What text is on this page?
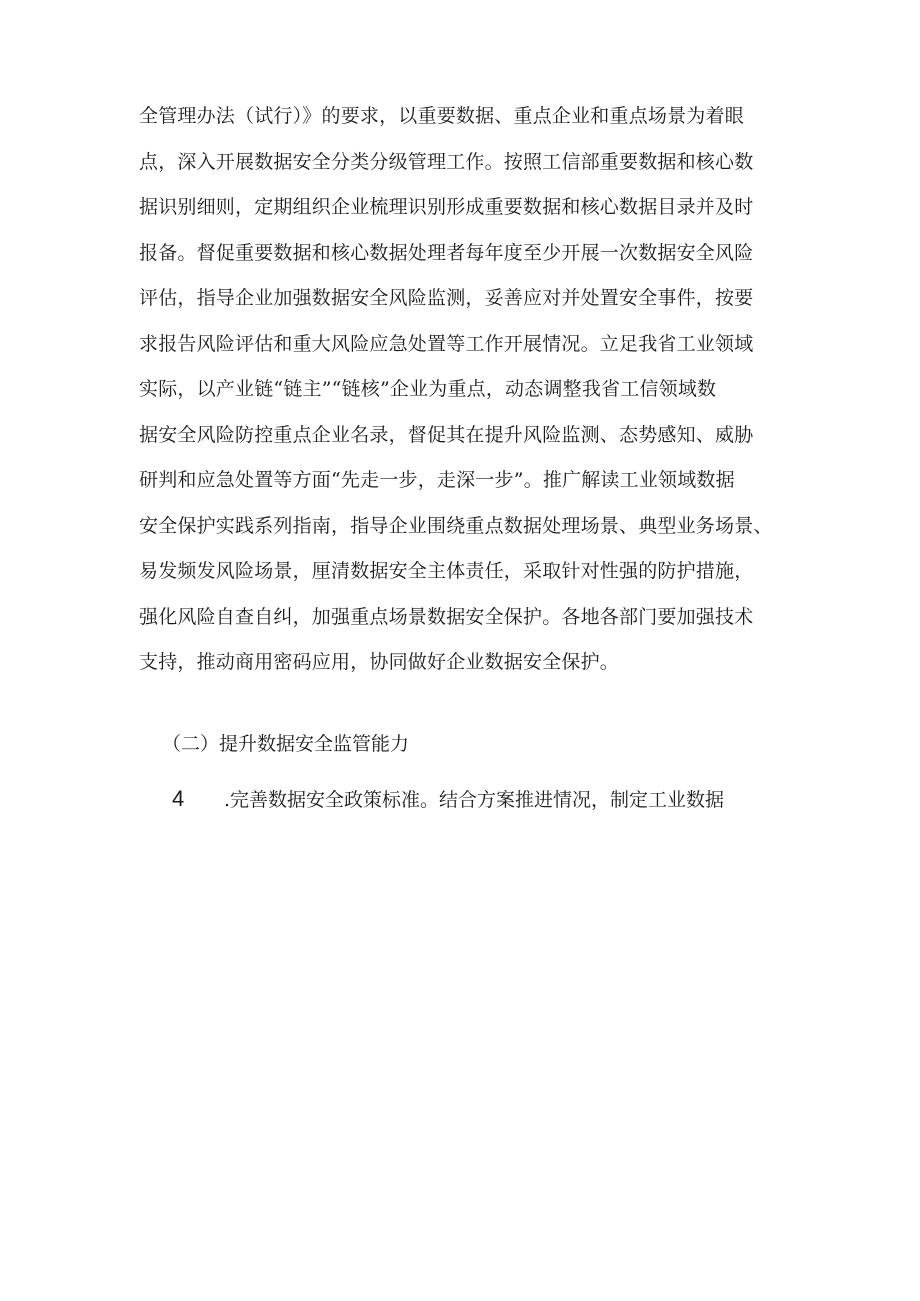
全管理办法（试行）》的要求，以重要数据、重点企业和重点场景为着眼
点，深入开展数据安全分类分级管理工作。按照工信部重要数据和核心数
据识别细则，定期组织企业梳理识别形成重要数据和核心数据目录并及时
报备。督促重要数据和核心数据处理者每年度至少开展一次数据安全风险
评估，指导企业加强数据安全风险监测，妥善应对并处置安全事件，按要
求报告风险评估和重大风险应急处置等工作开展情况。立足我省工业领域
实际，以产业链“链主”“链核”企业为重点，动态调整我省工信领域数
据安全风险防控重点企业名录，督促其在提升风险监测、态势感知、威胁
研判和应急处置等方面“先走一步，走深一步”。推广解读工业领域数据
安全保护实践系列指南，指导企业围绕重点数据处理场景、典型业务场景、
易发频发风险场景，厘清数据安全主体责任，采取针对性强的防护措施，
强化风险自查自纠，加强重点场景数据安全保护。各地各部门要加强技术
支持，推动商用密码应用，协同做好企业数据安全保护。

（二）提升数据安全监管能力

4 .完善数据安全政策标准。结合方案推进情况，制定工业数据
